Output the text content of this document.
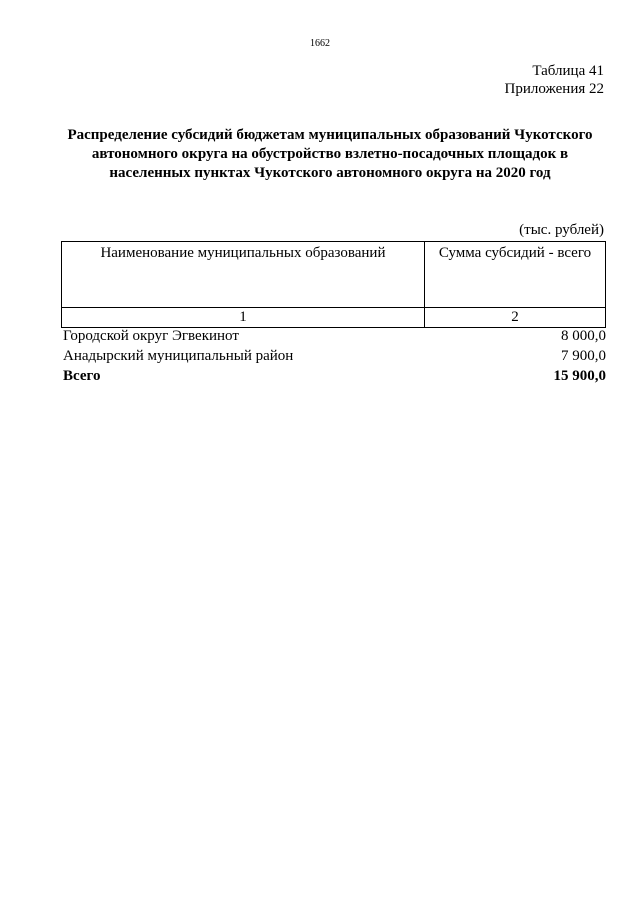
1662
Таблица 41
Приложения 22
Распределение субсидий бюджетам муниципальных образований Чукотского автономного округа на обустройство взлетно-посадочных площадок в населенных пунктах Чукотского автономного округа на 2020 год
(тыс. рублей)
Наименование муниципальных образований	Сумма субсидий - всего
1	2
Городской округ Эгвекинот	8 000,0
Анадырский муниципальный район	7 900,0
Всего	15 900,0
